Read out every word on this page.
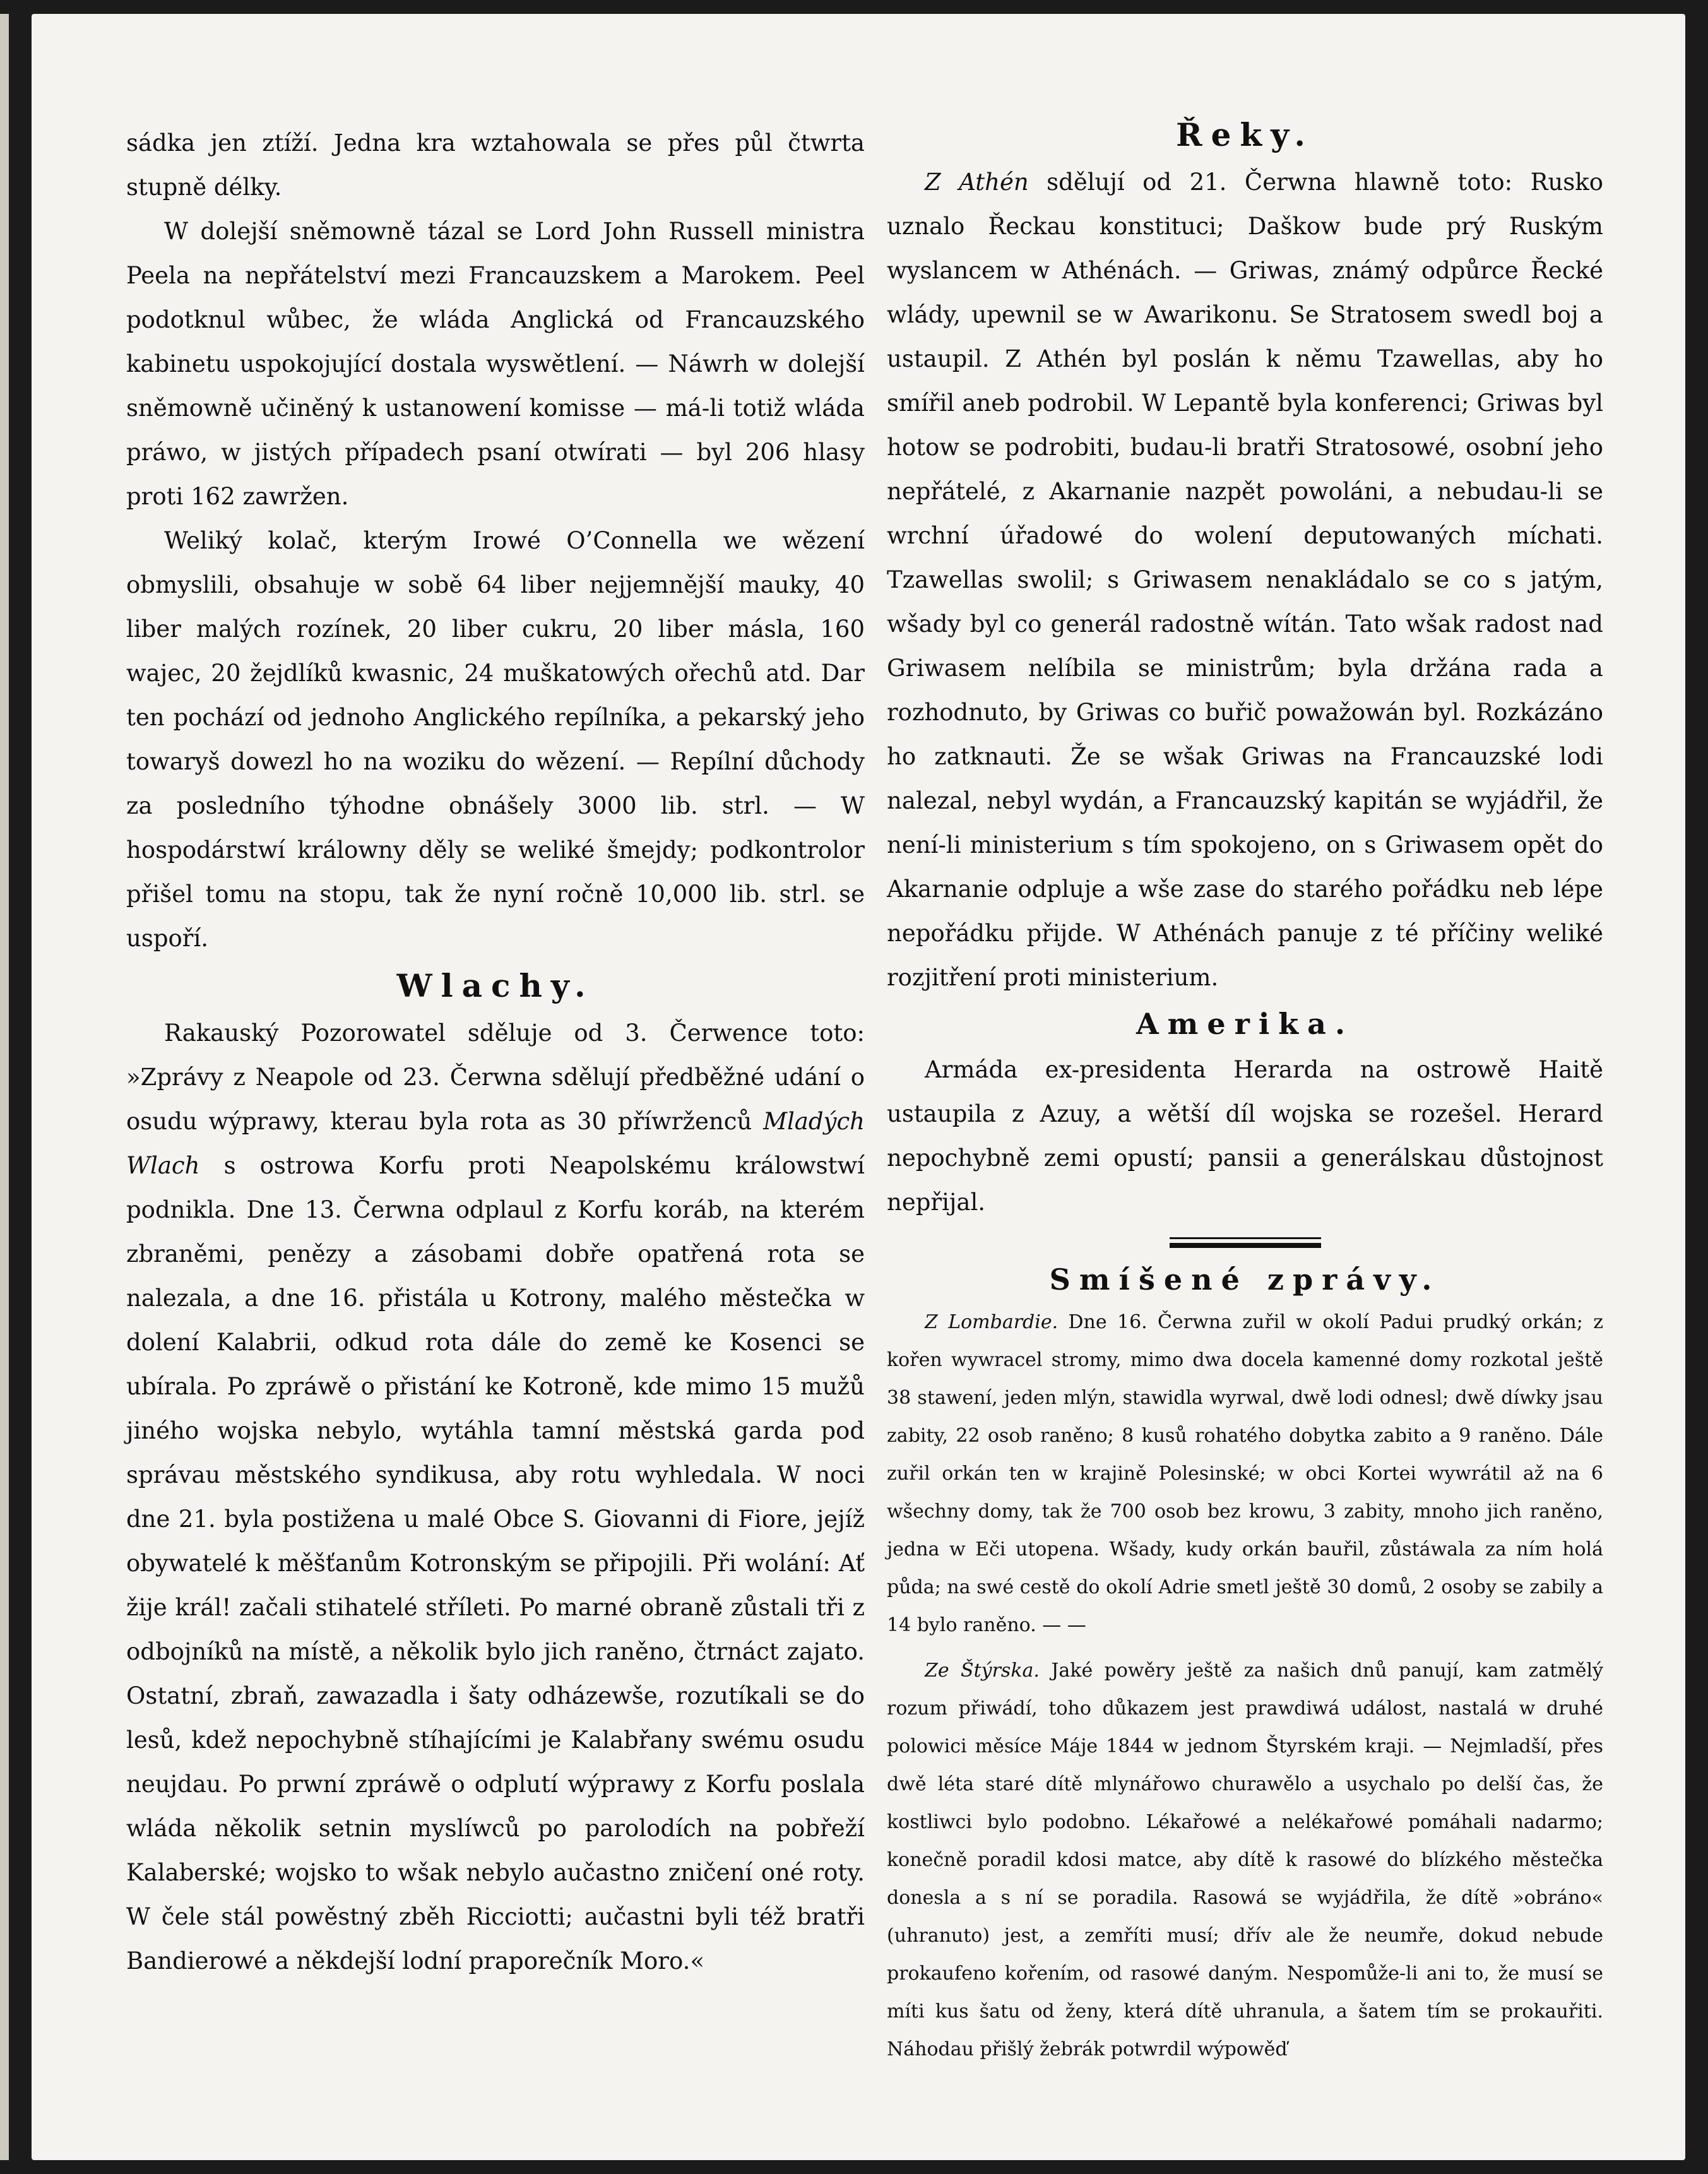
sádka jen ztíží. Jedna kra wztahowala se přes půl čtwrta stupně délky.

W dolejší sněmowně tázal se Lord John Russell ministra Peela na nepřátelství mezi Francauzskem a Marokem. Peel podotknul wůbec, že wláda Anglická od Francauzského kabinetu uspokojující dostala wyswětlení. — Náwrh w dolejší sněmowně učiněný k ustanowení komisse — má-li totiž wláda práwo, w jistých případech psaní otwírati — byl 206 hlasy proti 162 zawržen.

Weliký kolač, kterým Irowé O’Connella we wězení obmyslili, obsahuje w sobě 64 liber nejjemnější mauky, 40 liber malých rozínek, 20 liber cukru, 20 liber másla, 160 wajec, 20 žejdlíků kwasnic, 24 muškatowých ořechů atd. Dar ten pochází od jednoho Anglického repílníka, a pekarský jeho towaryš dowezl ho na woziku do wězení. — Repílní důchody za posledního týhodne obnášely 3000 lib. strl. — W hospodárstwí králowny děly se weliké šmejdy; podkontrolor přišel tomu na stopu, tak že nyní ročně 10,000 lib. strl. se uspoří.

Wlachy.

Rakauský Pozorowatel sděluje od 3. Čerwence toto: »Zprávy z Neapole od 23. Čerwna sdělují předběžné udání o osudu wýprawy, kterau byla rota as 30 příwrženců Mladých Wlach s ostrowa Korfu proti Neapolskému králowstwí podnikla. Dne 13. Čerwna odplaul z Korfu koráb, na kterém zbraněmi, penězy a zásobami dobře opatřená rota se nalezala, a dne 16. přistála u Kotrony, malého městečka w dolení Kalabrii, odkud rota dále do země ke Kosenci se ubírala. Po zpráwě o přistání ke Kotroně, kde mimo 15 mužů jiného wojska nebylo, wytáhla tamní městská garda pod správau městského syndikusa, aby rotu wyhledala. W noci dne 21. byla postižena u malé Obce S. Giovanni di Fiore, jejíž obywatelé k měšťanům Kotronským se připojili. Při wolání: Ať žije král! začali stihatelé střílеti. Po marné obraně zůstali tři z odbojníků na místě, a několik bylo jich raněno, čtrnáct zajato. Ostatní, zbraň, zawazadla i šaty odházewše, rozutíkali se do lesů, kdež nepochybně stíhajícími je Kalabřany swému osudu neujdau. Po prwní zpráwě o odplutí wýprawy z Korfu poslala wláda několik setnin myslíwců po parolodích na pobřeží Kalaberské; wojsko to wšak nebylo aučastno zničení oné roty. W čele stál powěstný zběh Ricciotti; aučastni byli též bratři Bandierowé a někdejší lodní praporečník Moro.«

Řeky.

Z Athén sdělují od 21. Čerwna hlawně toto: Rusko uznalo Řeckau konstituci; Daškow bude prý Ruským wyslancem w Athénách. — Griwas, známý odpůrce Řecké wlády, upewnil se w Awarikonu. Se Stratosem swedl boj a ustaupil. Z Athén byl poslán k němu Tzawellas, aby ho smířil aneb podrobil. W Lepantě byla konferenci; Griwas byl hotow se podrobiti, budau-li bratři Stratosowé, osobní jeho nepřátelé, z Akarnanie nazpět powoláni, a nebudau-li se wrchní úřadowé do wolení deputowaných míchati. Tzawellas swolil; s Griwasem nenakládalo se co s jatým, wšady byl co generál radostně wítán. Tato wšak radost nad Griwasem nelíbila se ministrům; byla držána rada a rozhodnuto, by Griwas co buřič powažowán byl. Rozkázáno ho zatknauti. Že se wšak Griwas na Francauzské lodi nalezal, nebyl wydán, a Francauzský kapitán se wyjádřil, že není-li ministerium s tím spokojeno, on s Griwasem opět do Akarnanie odpluje a wše zase do starého pořádku neb lépe nepořádku přijde. W Athénách panuje z té příčiny weliké rozjitření proti ministerium.

Amerika.

Armáda ex-presidenta Herarda na ostrowě Haitě ustaupila z Azuy, a wětší díl wojska se rozešel. Herard nepochybně zemi opustí; pansii a generálskau důstojnost nepřijal.

Smíšené zprávy.

Z Lombardie. Dne 16. Čerwna zuřil w okolí Padui prudký orkán; z kořen wywracel stromy, mimo dwa docela kamenné domy rozkotal ještě 38 stawení, jeden mlýn, stawidla wyrwal, dwě lodi odnesl; dwě díwky jsau zabity, 22 osob raněno; 8 kusů rohatého dobytka zabito a 9 raněno. Dále zuřil orkán ten w krajině Polesinské; w obci Kortei wywrátil až na 6 wšechny domy, tak že 700 osob bez krowu, 3 zabity, mnoho jich raněno, jedna w Eči utopena. Wšady, kudy orkán bauřil, zůstáwala za ním holá půda; na swé cestě do okolí Adrie smetl ještě 30 domů, 2 osoby se zabily a 14 bylo raněno. — —

Ze Štýrska. Jaké powěry ještě za našich dnů panují, kam zatmělý rozum přiwádí, toho důkazem jest prawdiwá událost, nastalá w druhé polowici měsíce Máje 1844 w jednom Štyrském kraji. — Nejmladší, přes dwě léta staré dítě mlynářowo churawělo a usychalo po delší čas, že kostliwci bylo podobno. Lékařowé a nelékařowé pomáhali nadarmo; konečně poradil kdosi matce, aby dítě k rasowé do blízkého městečka donesla a s ní se poradila. Rasowá se wyjádřila, že dítě »obráno« (uhranuto) jest, a zemříti musí; dřív ale že neumře, dokud nebude prokaufeno kořením, od rasowé daným. Nespomůže-li ani to, že musí se míti kus šatu od ženy, která dítě uhranula, a šatem tím se prokauřiti. Náhodau přišlý žebrák potwrdil wýpowěď
